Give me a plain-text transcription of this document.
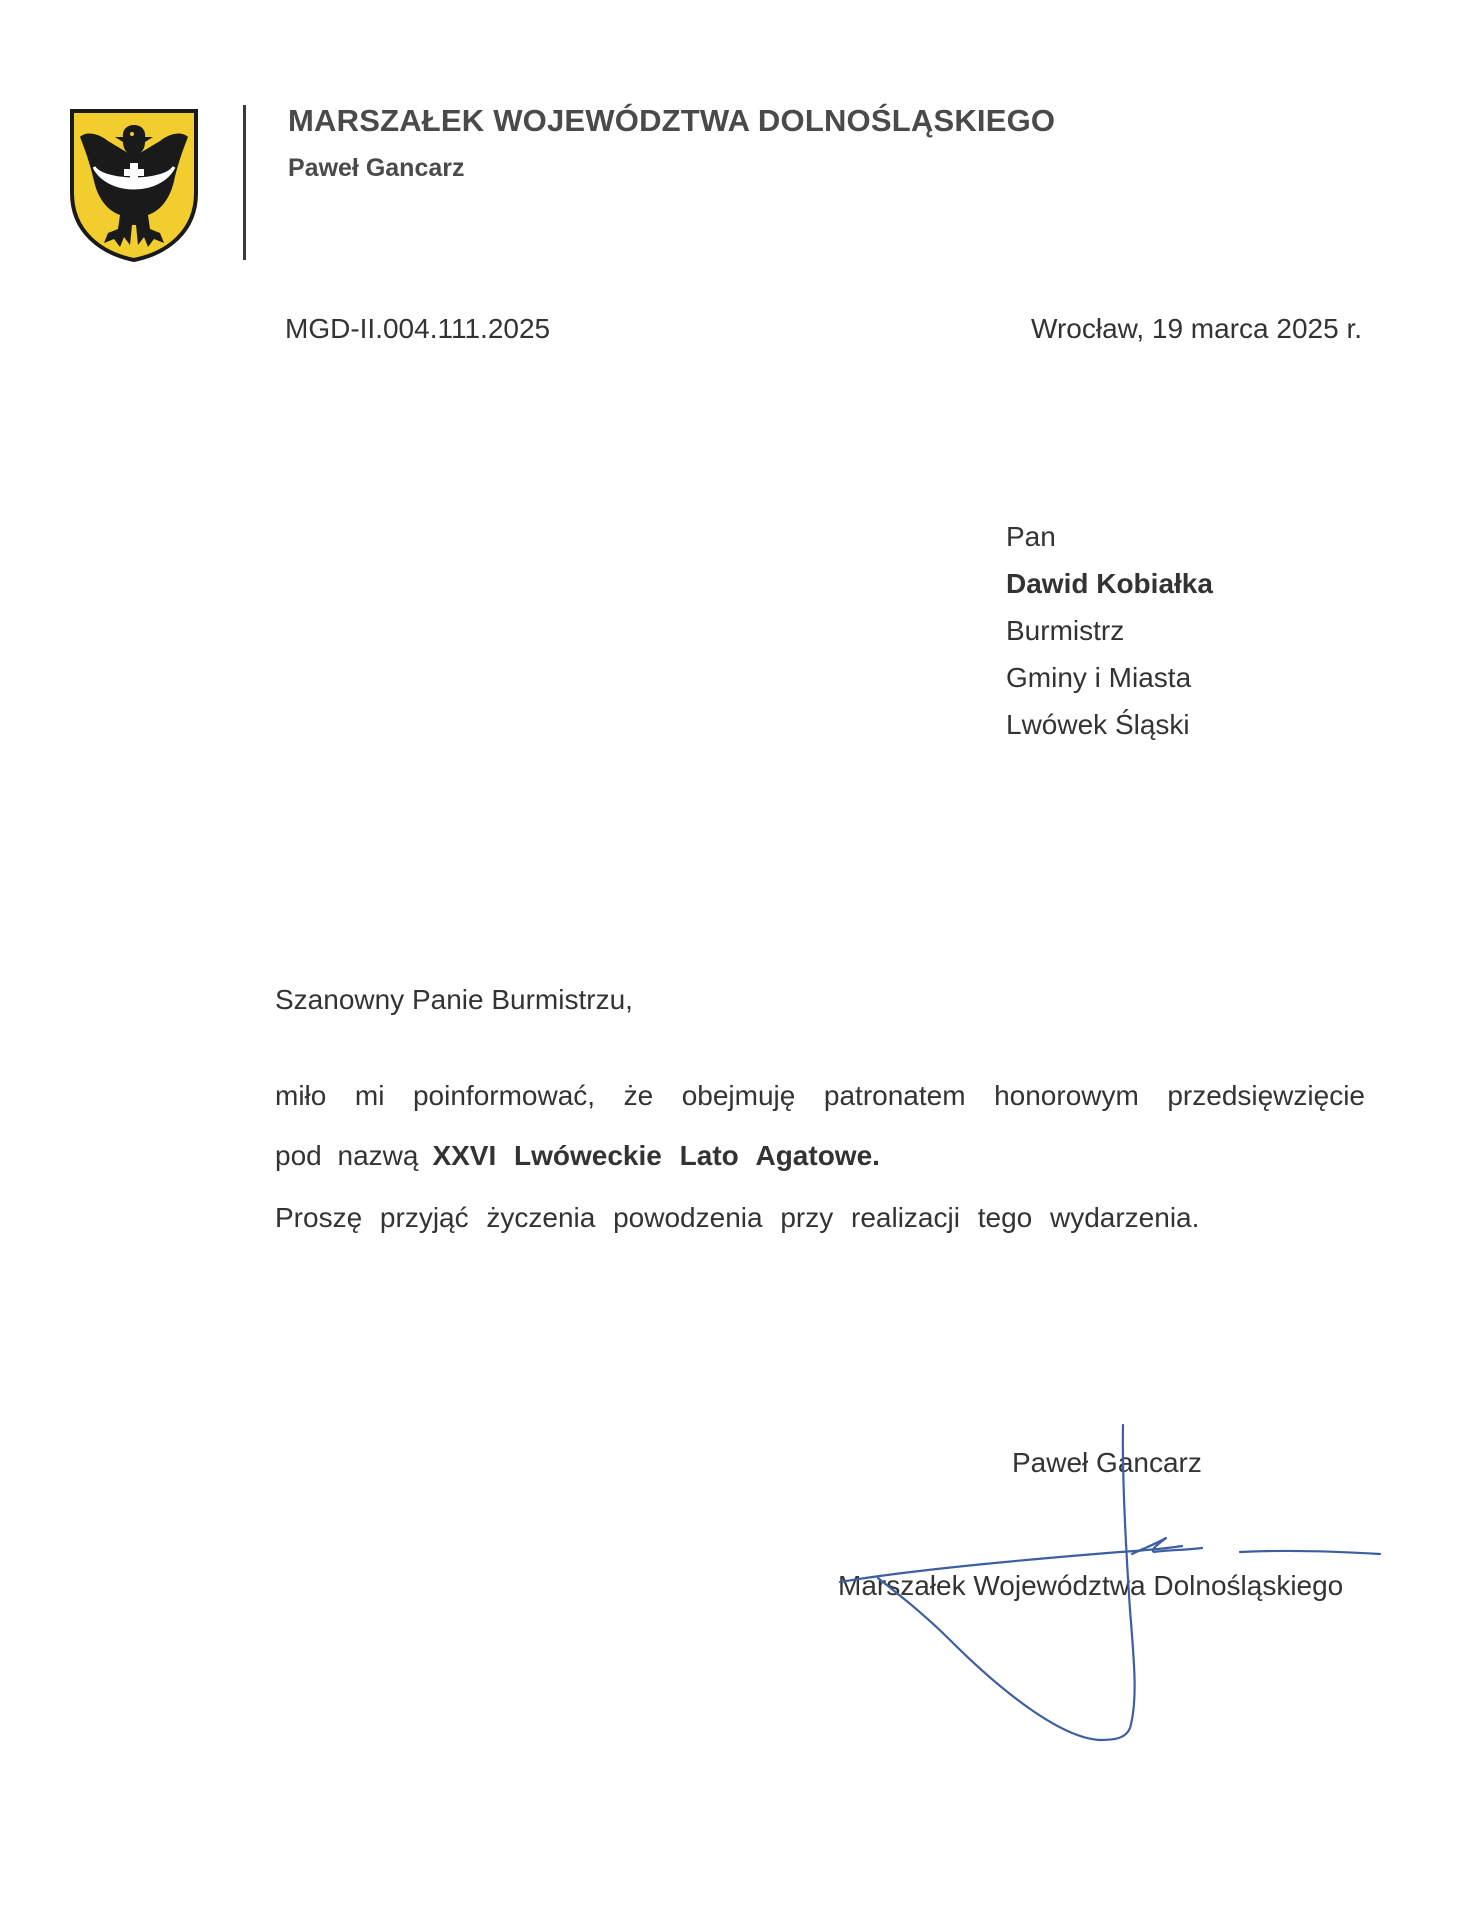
MARSZAŁEK WOJEWÓDZTWA DOLNOŚLĄSKIEGO
Paweł Gancarz
MGD-II.004.111.2025	Wrocław, 19 marca 2025 r.
Pan
Dawid Kobiałka
Burmistrz
Gminy i Miasta
Lwówek Śląski
Szanowny Panie Burmistrzu,
miło mi poinformować, że obejmuję patronatem honorowym przedsięwzięcie
pod nazwą XXVI Lwóweckie Lato Agatowe.
Proszę przyjąć życzenia powodzenia przy realizacji tego wydarzenia.
Paweł Gancarz
Marszałek Województwa Dolnośląskiego
